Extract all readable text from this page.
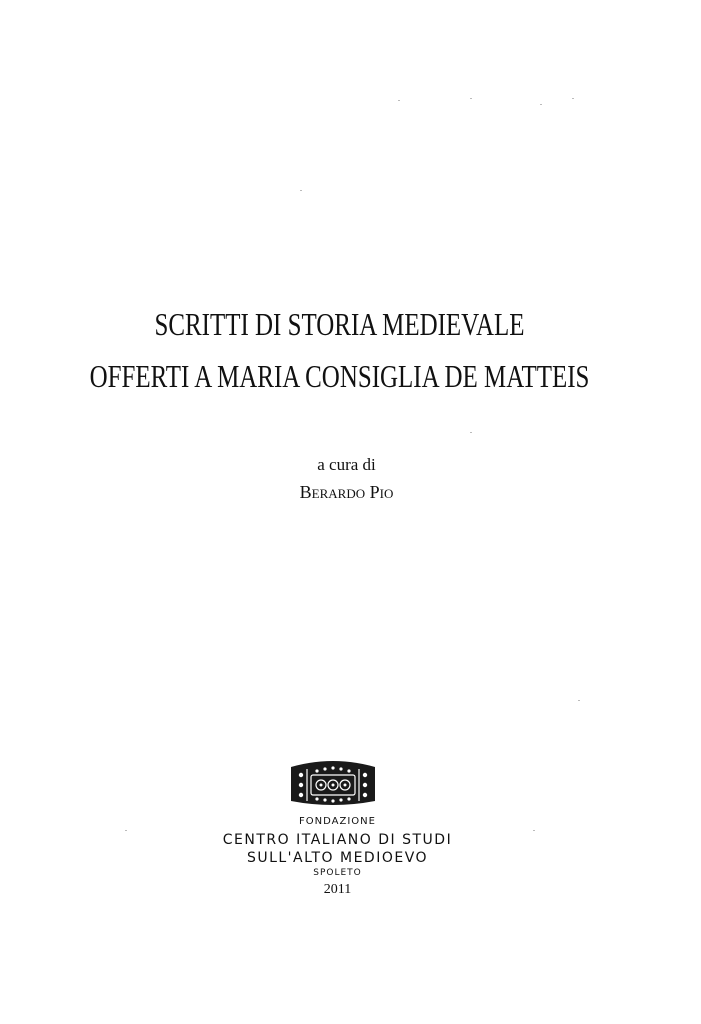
SCRITTI DI STORIA MEDIEVALE
OFFERTI A MARIA CONSIGLIA DE MATTEIS
a cura di
Berardo Pio
FONDAZIONE
CENTRO ITALIANO DI STUDI
SULL'ALTO MEDIOEVO
SPOLETO
2011
